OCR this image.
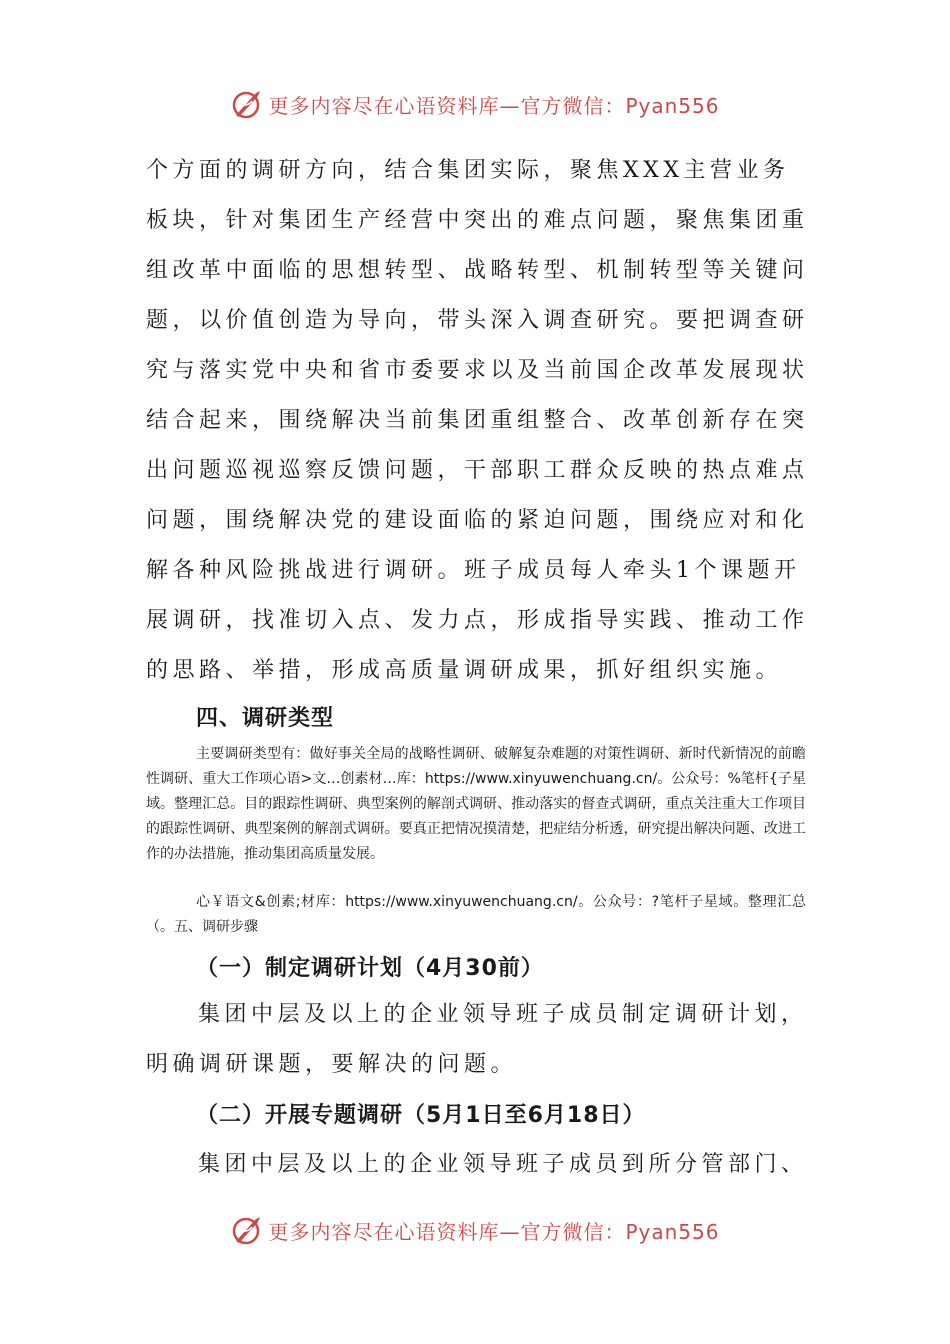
更多内容尽在心语资料库—官方微信：Pyan556

个方面的调研方向，结合集团实际，聚焦XXX主营业务板块，针对集团生产经营中突出的难点问题，聚焦集团重组改革中面临的思想转型、战略转型、机制转型等关键问题，以价值创造为导向，带头深入调查研究。要把调查研究与落实党中央和省市委要求以及当前国企改革发展现状结合起来，围绕解决当前集团重组整合、改革创新存在突出问题巡视巡察反馈问题，干部职工群众反映的热点难点问题，围绕解决党的建设面临的紧迫问题，围绕应对和化解各种风险挑战进行调研。班子成员每人牵头1个课题开展调研，找准切入点、发力点，形成指导实践、推动工作的思路、举措，形成高质量调研成果，抓好组织实施。

四、调研类型

主要调研类型有：做好事关全局的战略性调研、破解复杂难题的对策性调研、新时代新情况的前瞻性调研、重大工作项心语>文…创素材…库：https://www.xinyuwenchuang.cn/。公众号：%笔杆{子星域。整理汇总。目的跟踪性调研、典型案例的解剖式调研、推动落实的督查式调研，重点关注重大工作项目的跟踪性调研、典型案例的解剖式调研。要真正把情况摸清楚，把症结分析透，研究提出解决问题、改进工作的办法措施，推动集团高质量发展。

心￥语文&创素;材库：https://www.xinyuwenchuang.cn/。公众号：?笔杆子星域。整理汇总（。五、调研步骤

（一）制定调研计划（4月30前）

集团中层及以上的企业领导班子成员制定调研计划，明确调研课题，要解决的问题。

（二）开展专题调研（5月1日至6月18日）

集团中层及以上的企业领导班子成员到所分管部门、

更多内容尽在心语资料库—官方微信：Pyan556
